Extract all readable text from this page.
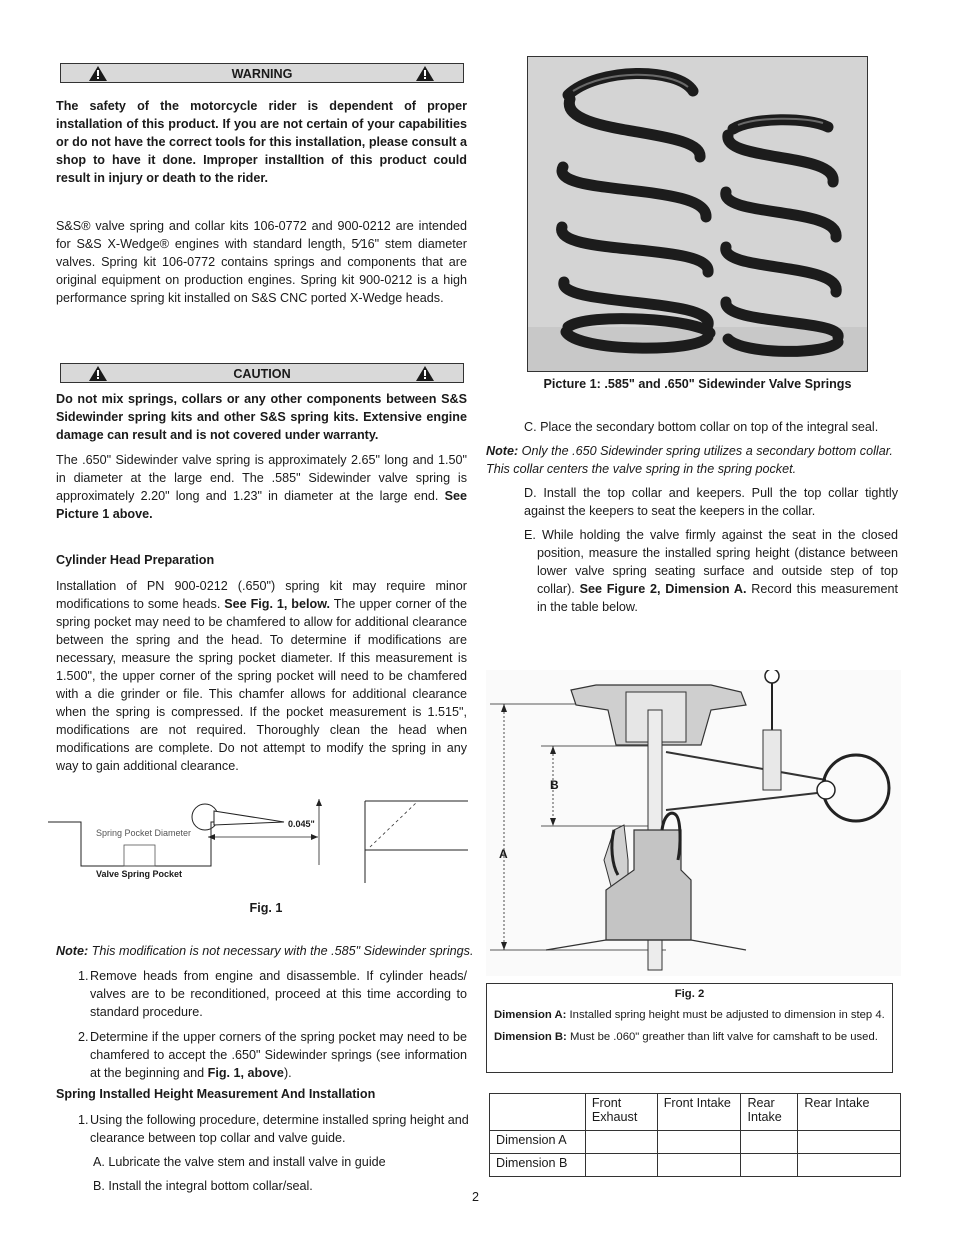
WARNING

The safety of the motorcycle rider is dependent of proper installation of this product. If you are not certain of your capabilities or do not have the correct tools for this installation, please consult a shop to have it done. Improper installtion of this product could result in injury or death to the rider.

S&S® valve spring and collar kits 106-0772 and 900-0212 are intended for S&S X-Wedge® engines with standard length, 5⁄16" stem diameter valves. Spring kit 106-0772 contains springs and components that are original equipment on production engines. Spring kit 900-0212 is a high performance spring kit installed on S&S CNC ported X-Wedge heads.

CAUTION

Do not mix springs, collars or any other components between S&S Sidewinder spring kits and other S&S spring kits. Extensive engine damage can result and is not covered under warranty.

The .650" Sidewinder valve spring is approximately 2.65" long and 1.50" in diameter at the large end. The .585" Sidewinder valve spring is approximately 2.20" long and 1.23" in diameter at the large end. See Picture 1 above.

Cylinder Head Preparation

Installation of PN 900-0212 (.650") spring kit may require minor modifications to some heads. See Fig. 1, below. The upper corner of the spring pocket may need to be chamfered to allow for additional clearance between the spring and the head. To determine if modifications are necessary, measure the spring pocket diameter. If this measurement is 1.500", the upper corner of the spring pocket will need to be chamfered with a die grinder or file. This chamfer allows for additional clearance when the spring is compressed. If the pocket measurement is 1.515", modifications are not required. Thoroughly clean the head when modifications are complete. Do not attempt to modify the spring in any way to gain additional clearance.

Spring Pocket Diameter
0.045"
Valve Spring Pocket
Fig. 1

Note: This modification is not necessary with the .585" Sidewinder springs.

1. Remove heads from engine and disassemble. If cylinder heads/ valves are to be reconditioned, proceed at this time according to standard procedure.

2. Determine if the upper corners of the spring pocket may need to be chamfered to accept the .650" Sidewinder springs (see information at the beginning and Fig. 1, above).

Spring Installed Height Measurement And Installation
1. Using the following procedure, determine installed spring height and clearance between top collar and valve guide.

A. Lubricate the valve stem and install valve in guide

B. Install the integral bottom collar/seal.

Picture 1: .585" and .650" Sidewinder Valve Springs

C. Place the secondary bottom collar on top of the integral seal.

Note: Only the .650 Sidewinder spring utilizes a secondary bottom collar. This collar centers the valve spring in the spring pocket.

D. Install the top collar and keepers. Pull the top collar tightly against the keepers to seat the keepers in the collar.

E. While holding the valve firmly against the seat in the closed position, measure the installed spring height (distance between lower valve spring seating surface and outside step of top collar). See Figure 2, Dimension A. Record this measurement in the table below.

B
A
Fig. 2

Dimension A: Installed spring height must be adjusted to dimension in step 4.

Dimension B: Must be .060" greather than lift valve for camshaft to be used.

	Front Exhaust	Front Intake	Rear Intake	Rear Intake
Dimension A				
Dimension B				
2
